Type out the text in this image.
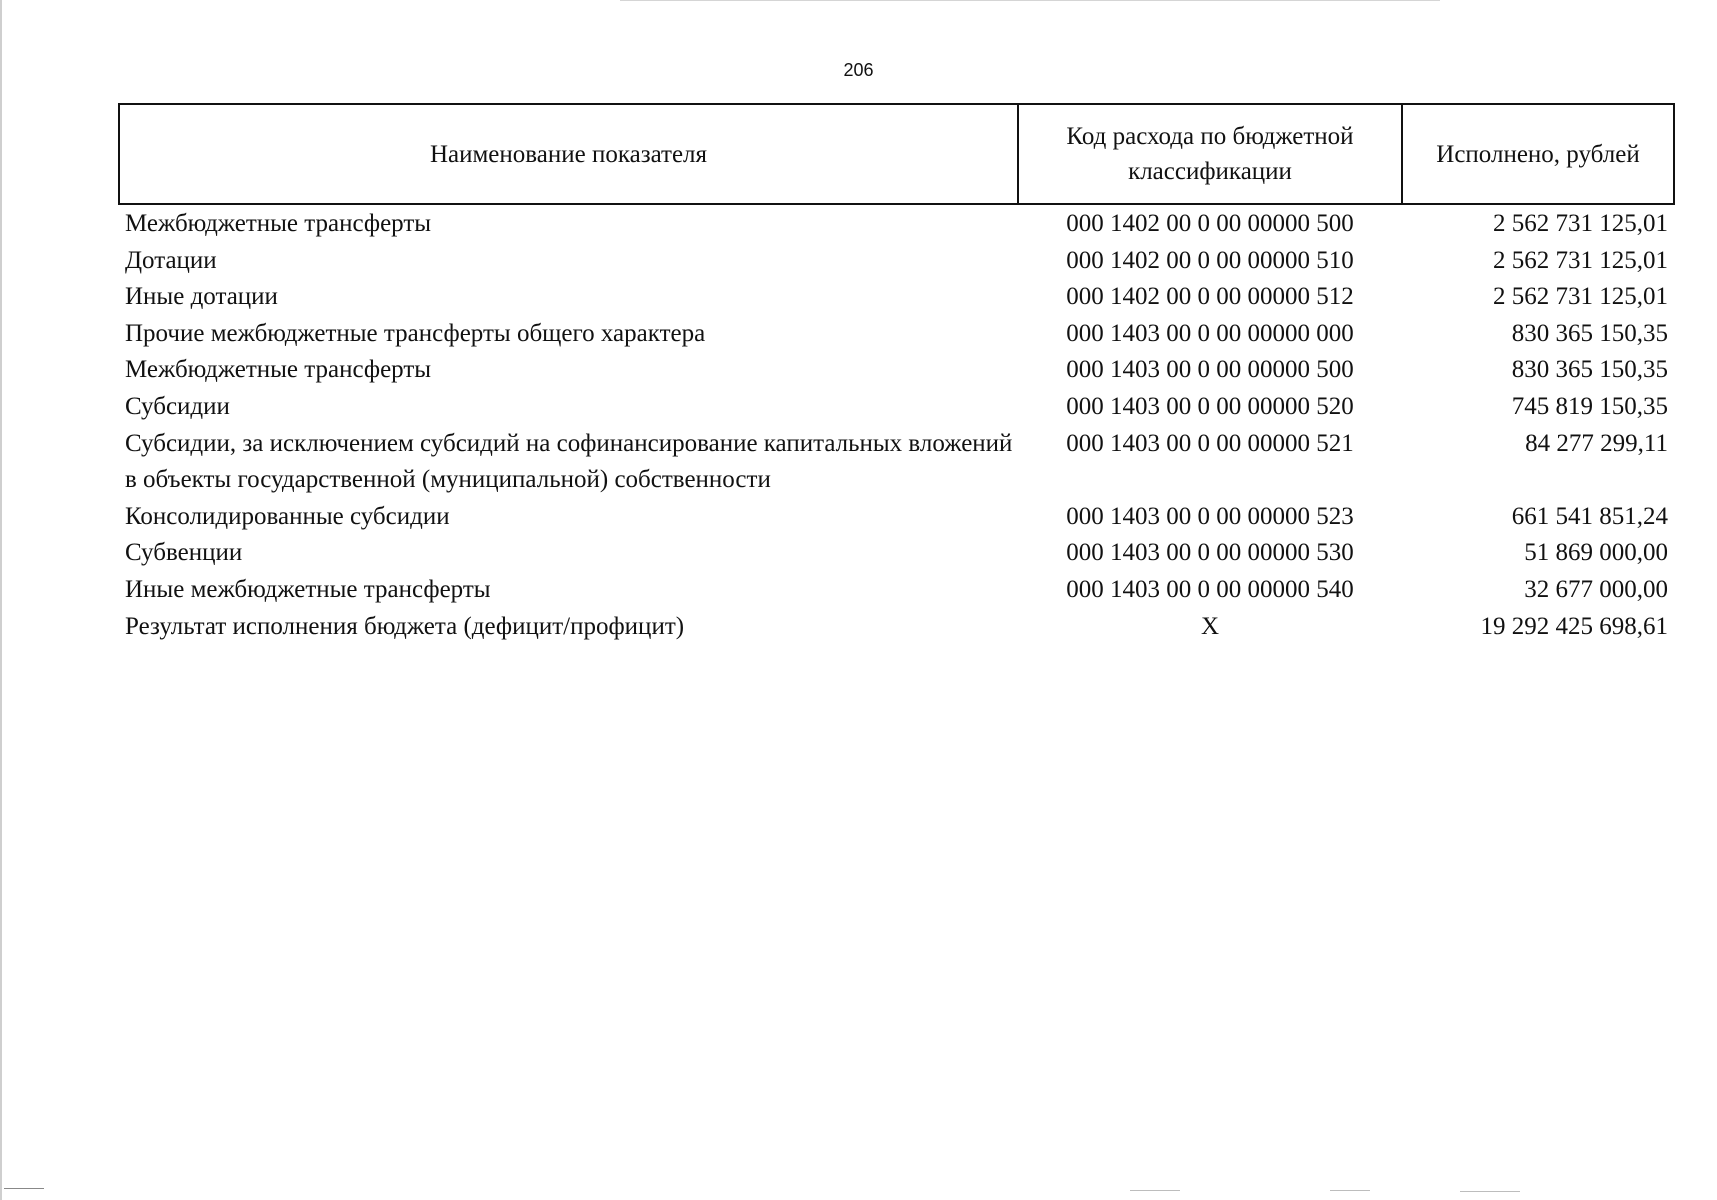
206
Наименование показателя	Код расхода по бюджетной классификации	Исполнено, рублей
Межбюджетные трансферты	000 1402 00 0 00 00000 500	2 562 731 125,01
Дотации	000 1402 00 0 00 00000 510	2 562 731 125,01
Иные дотации	000 1402 00 0 00 00000 512	2 562 731 125,01
Прочие межбюджетные трансферты общего характера	000 1403 00 0 00 00000 000	830 365 150,35
Межбюджетные трансферты	000 1403 00 0 00 00000 500	830 365 150,35
Субсидии	000 1403 00 0 00 00000 520	745 819 150,35
Субсидии, за исключением субсидий на софинансирование капитальных вложений в объекты государственной (муниципальной) собственности	000 1403 00 0 00 00000 521	84 277 299,11
Консолидированные субсидии	000 1403 00 0 00 00000 523	661 541 851,24
Субвенции	000 1403 00 0 00 00000 530	51 869 000,00
Иные межбюджетные трансферты	000 1403 00 0 00 00000 540	32 677 000,00
Результат исполнения бюджета (дефицит/профицит)	X	19 292 425 698,61
